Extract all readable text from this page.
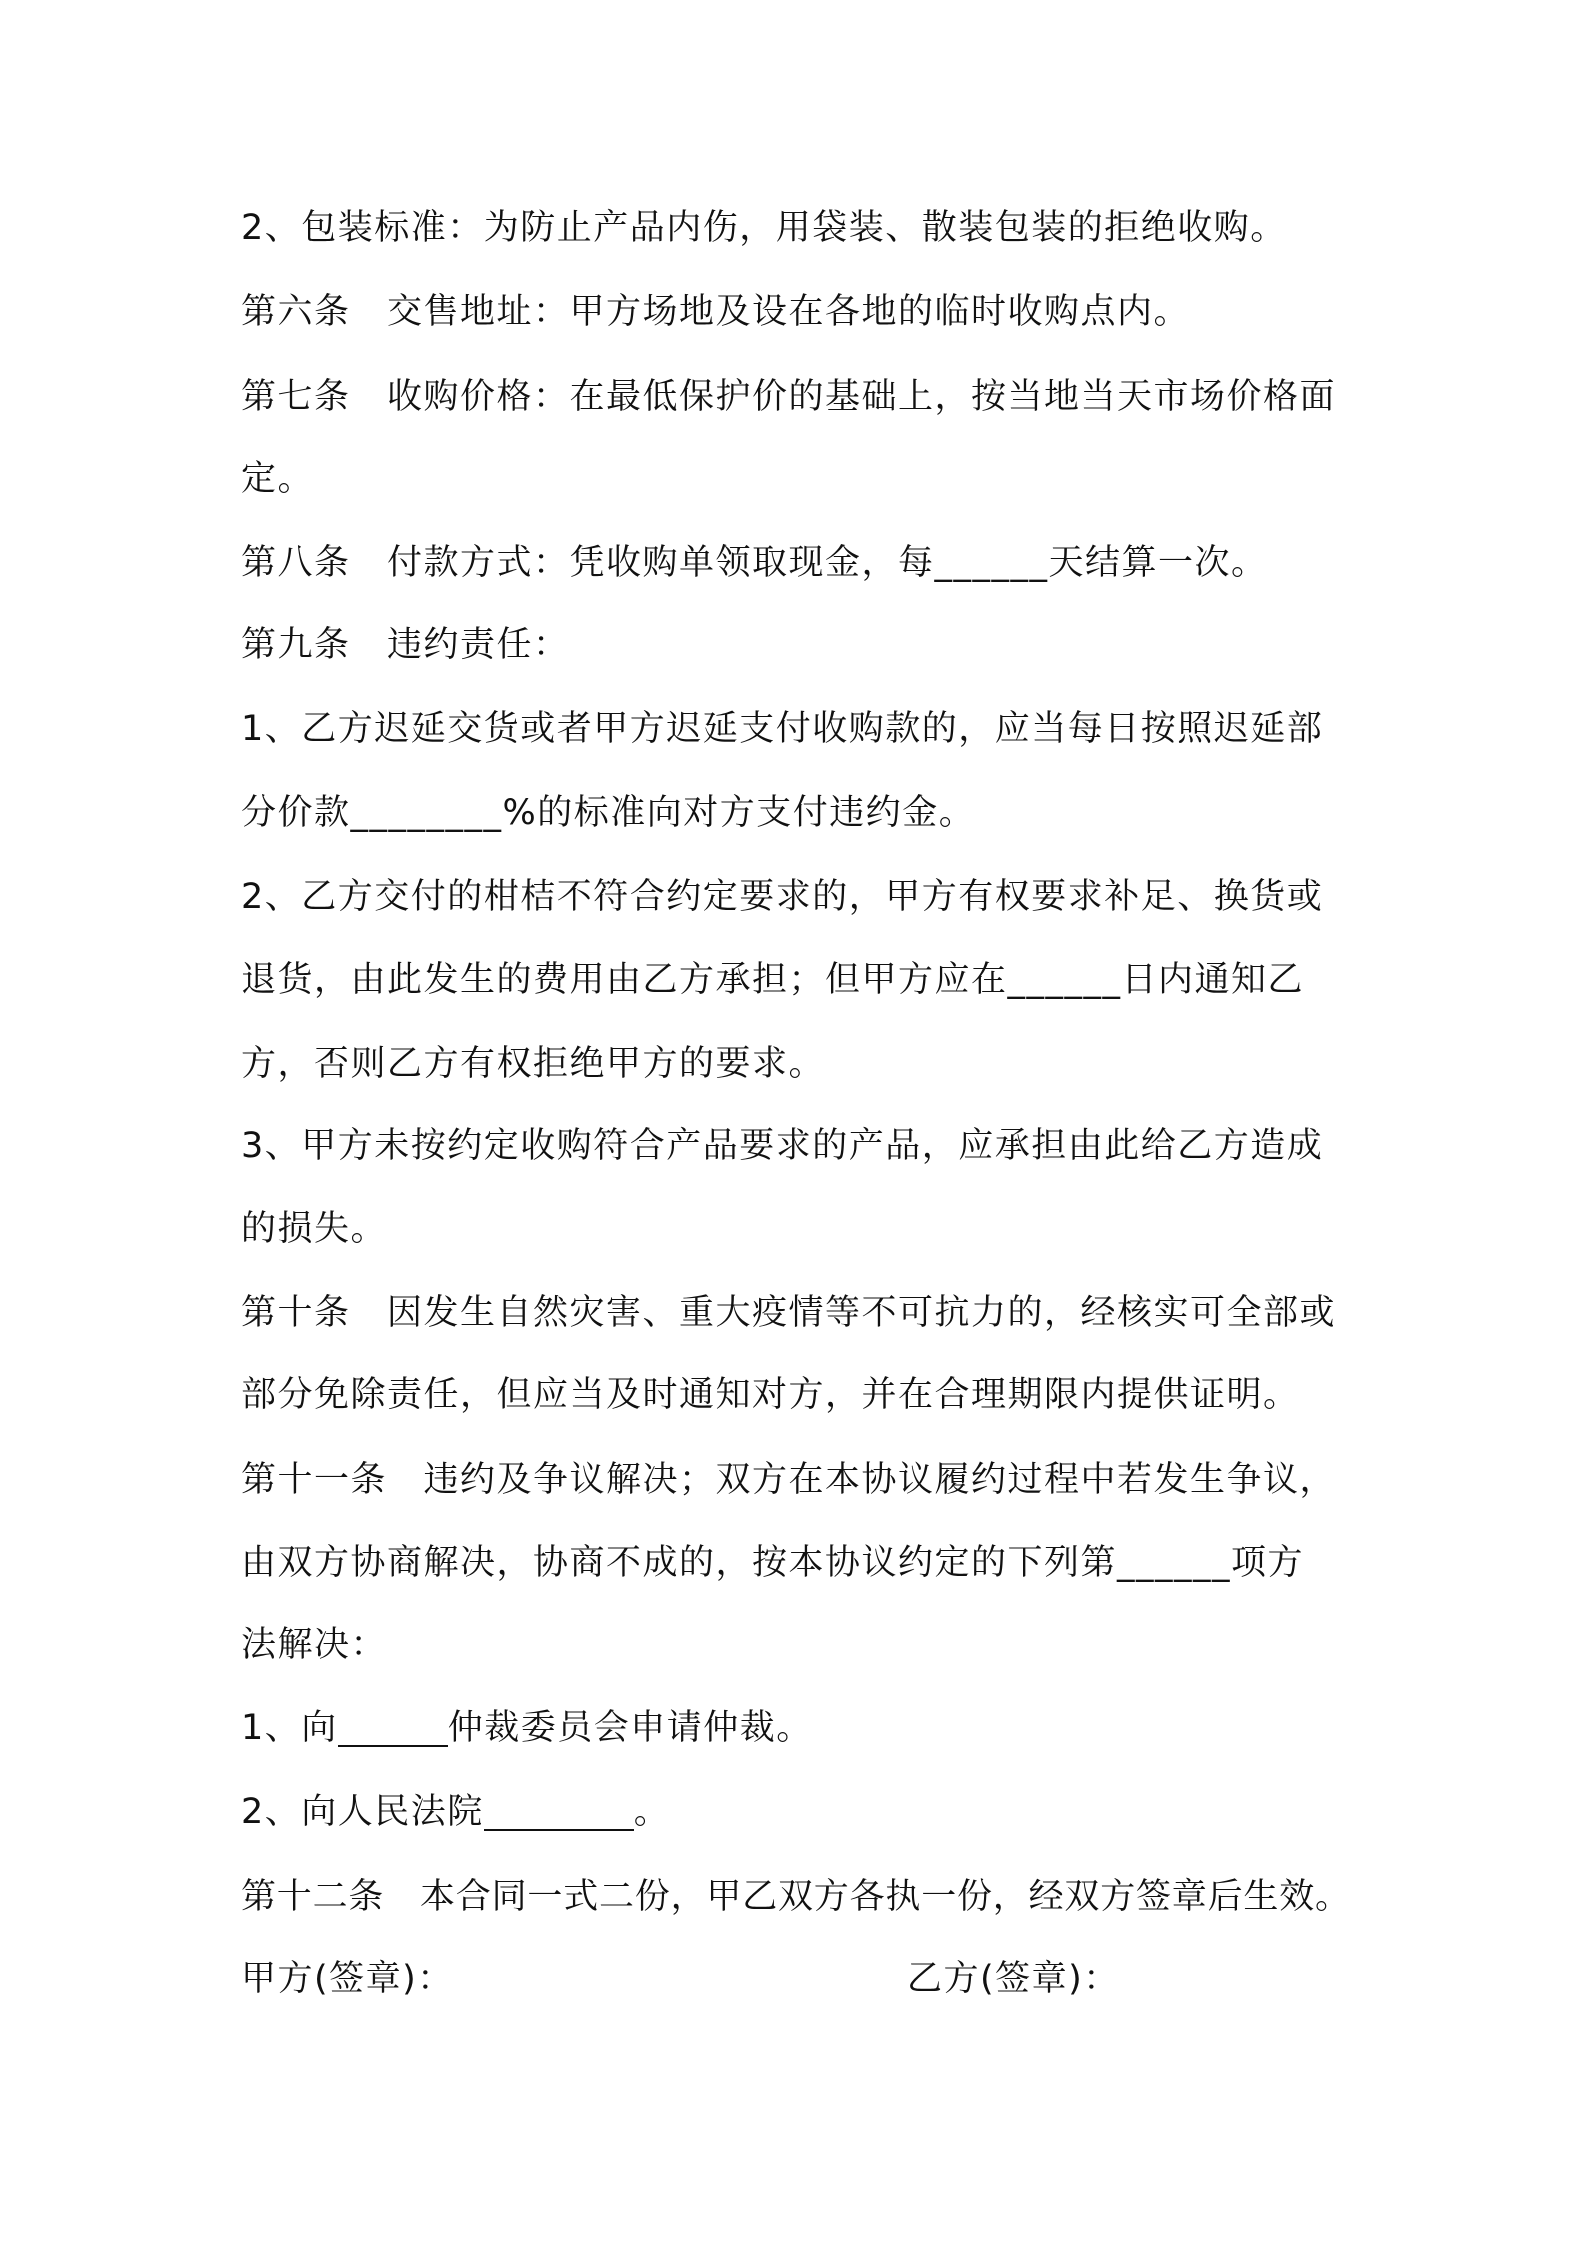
2、包装标准：为防止产品内伤，用袋装、散装包装的拒绝收购。

第六条　交售地址：甲方场地及设在各地的临时收购点内。

第七条　收购价格：在最低保护价的基础上，按当地当天市场价格面

定。

第八条　付款方式：凭收购单领取现金，每______天结算一次。

第九条　违约责任：

1、乙方迟延交货或者甲方迟延支付收购款的，应当每日按照迟延部

分价款________%的标准向对方支付违约金。

2、乙方交付的柑桔不符合约定要求的，甲方有权要求补足、换货或

退货，由此发生的费用由乙方承担；但甲方应在______日内通知乙

方，否则乙方有权拒绝甲方的要求。

3、甲方未按约定收购符合产品要求的产品，应承担由此给乙方造成

的损失。

第十条　因发生自然灾害、重大疫情等不可抗力的，经核实可全部或

部分免除责任，但应当及时通知对方，并在合理期限内提供证明。

第十一条　违约及争议解决；双方在本协议履约过程中若发生争议，

由双方协商解决，协商不成的，按本协议约定的下列第______项方

法解决：

1、向	仲裁委员会申请仲裁。

2、向人民法院	。

第十二条　本合同一式二份，甲乙双方各执一份，经双方签章后生效。

甲方(签章)：	乙方(签章)：
